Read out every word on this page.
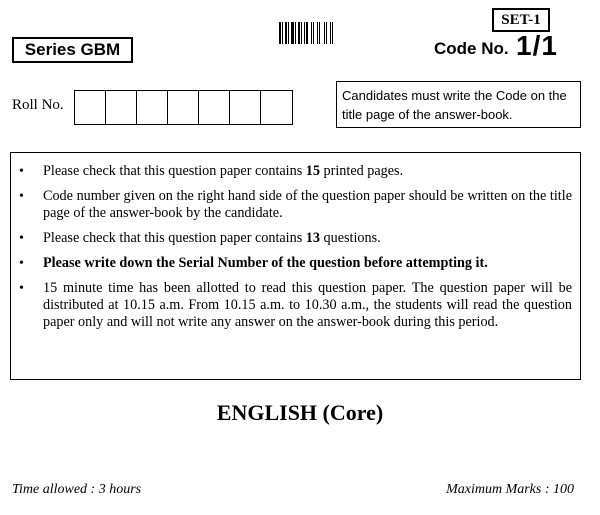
SET-1
Series GBM	Code No. 1/1
Roll No.
Candidates must write the Code on the title page of the answer-book.
•	Please check that this question paper contains 15 printed pages.
•	Code number given on the right hand side of the question paper should be written on the title page of the answer-book by the candidate.
•	Please check that this question paper contains 13 questions.
•	Please write down the Serial Number of the question before attempting it.
•	15 minute time has been allotted to read this question paper. The question paper will be distributed at 10.15 a.m. From 10.15 a.m. to 10.30 a.m., the students will read the question paper only and will not write any answer on the answer-book during this period.
ENGLISH (Core)
Time allowed : 3 hours	Maximum Marks : 100
